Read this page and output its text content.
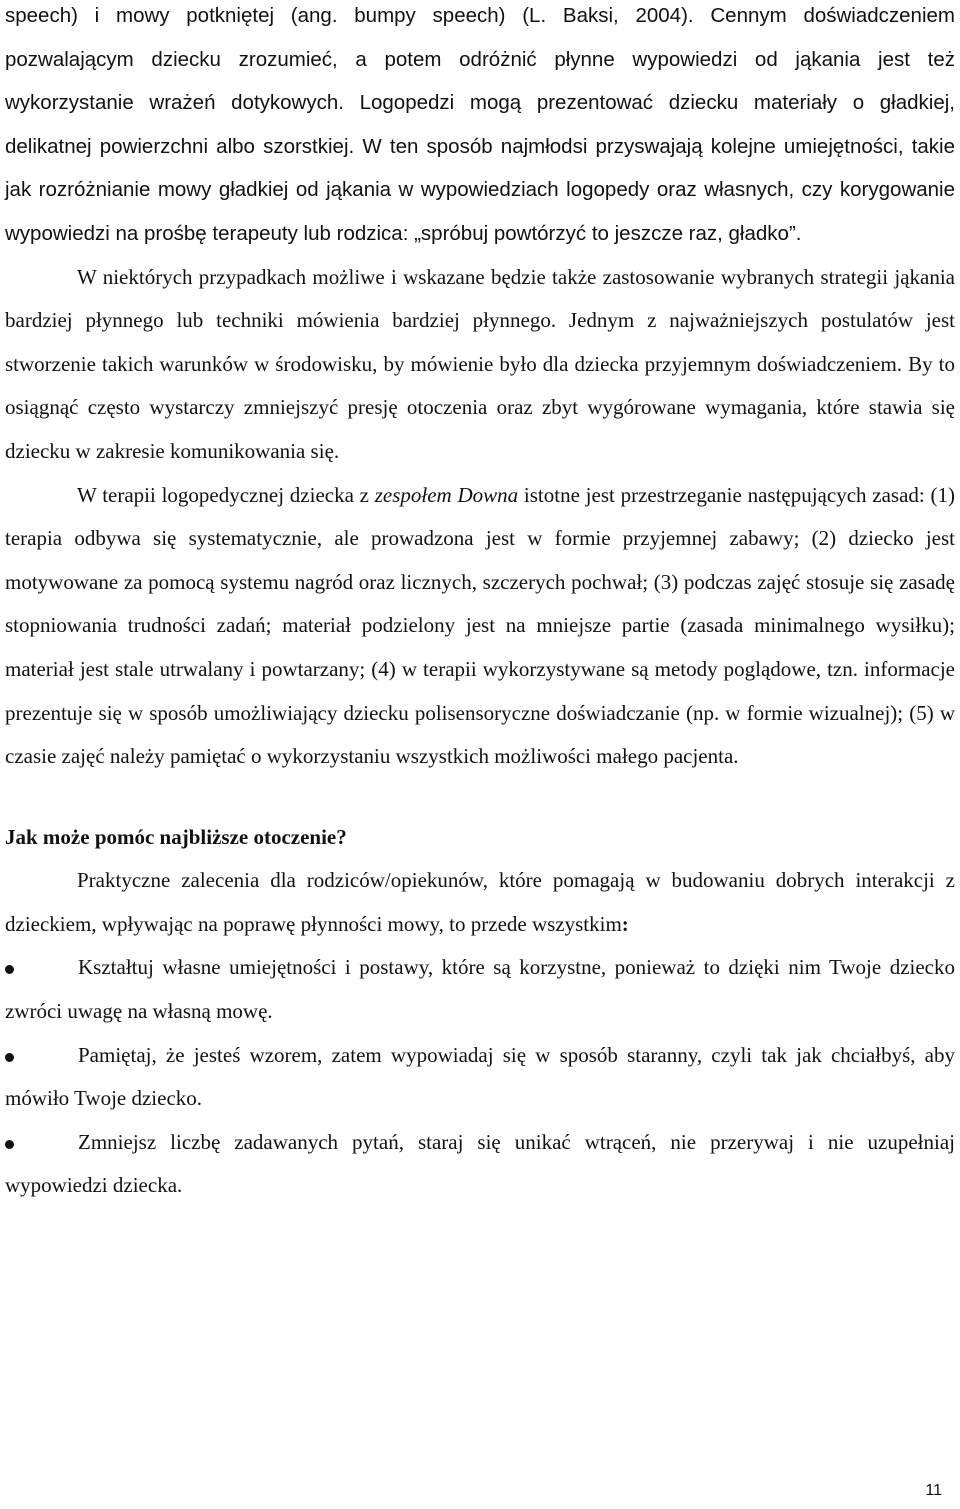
speech) i mowy potkniętej (ang. bumpy speech) (L. Baksi, 2004). Cennym doświadczeniem pozwalającym dziecku zrozumieć, a potem odróżnić płynne wypowiedzi od jąkania jest też wykorzystanie wrażeń dotykowych. Logopedzi mogą prezentować dziecku materiały o gładkiej, delikatnej powierzchni albo szorstkiej. W ten sposób najmłodsi przyswajają kolejne umiejętności, takie jak rozróżnianie mowy gładkiej od jąkania w wypowiedziach logopedy oraz własnych, czy korygowanie wypowiedzi na prośbę terapeuty lub rodzica: „spróbuj powtórzyć to jeszcze raz, gładko”.

W niektórych przypadkach możliwe i wskazane będzie także zastosowanie wybranych strategii jąkania bardziej płynnego lub techniki mówienia bardziej płynnego. Jednym z najważniejszych postulatów jest stworzenie takich warunków w środowisku, by mówienie było dla dziecka przyjemnym doświadczeniem. By to osiągnąć często wystarczy zmniejszyć presję otoczenia oraz zbyt wygórowane wymagania, które stawia się dziecku w zakresie komunikowania się.

W terapii logopedycznej dziecka z zespołem Downa istotne jest przestrzeganie następujących zasad: (1) terapia odbywa się systematycznie, ale prowadzona jest w formie przyjemnej zabawy; (2) dziecko jest motywowane za pomocą systemu nagród oraz licznych, szczerych pochwał; (3) podczas zajęć stosuje się zasadę stopniowania trudności zadań; materiał podzielony jest na mniejsze partie (zasada minimalnego wysiłku); materiał jest stale utrwalany i powtarzany; (4) w terapii wykorzystywane są metody poglądowe, tzn. informacje prezentuje się w sposób umożliwiający dziecku polisensoryczne doświadczanie (np. w formie wizualnej); (5) w czasie zajęć należy pamiętać o wykorzystaniu wszystkich możliwości małego pacjenta.

Jak może pomóc najbliższe otoczenie?

Praktyczne zalecenia dla rodziców/opiekunów, które pomagają w budowaniu dobrych interakcji z dzieckiem, wpływając na poprawę płynności mowy, to przede wszystkim:

Kształtuj własne umiejętności i postawy, które są korzystne, ponieważ to dzięki nim Twoje dziecko zwróci uwagę na własną mowę.
Pamiętaj, że jesteś wzorem, zatem wypowiadaj się w sposób staranny, czyli tak jak chciałbyś, aby mówiło Twoje dziecko.
Zmniejsz liczbę zadawanych pytań, staraj się unikać wtrąceń, nie przerywaj i nie uzupełniaj wypowiedzi dziecka.
11
